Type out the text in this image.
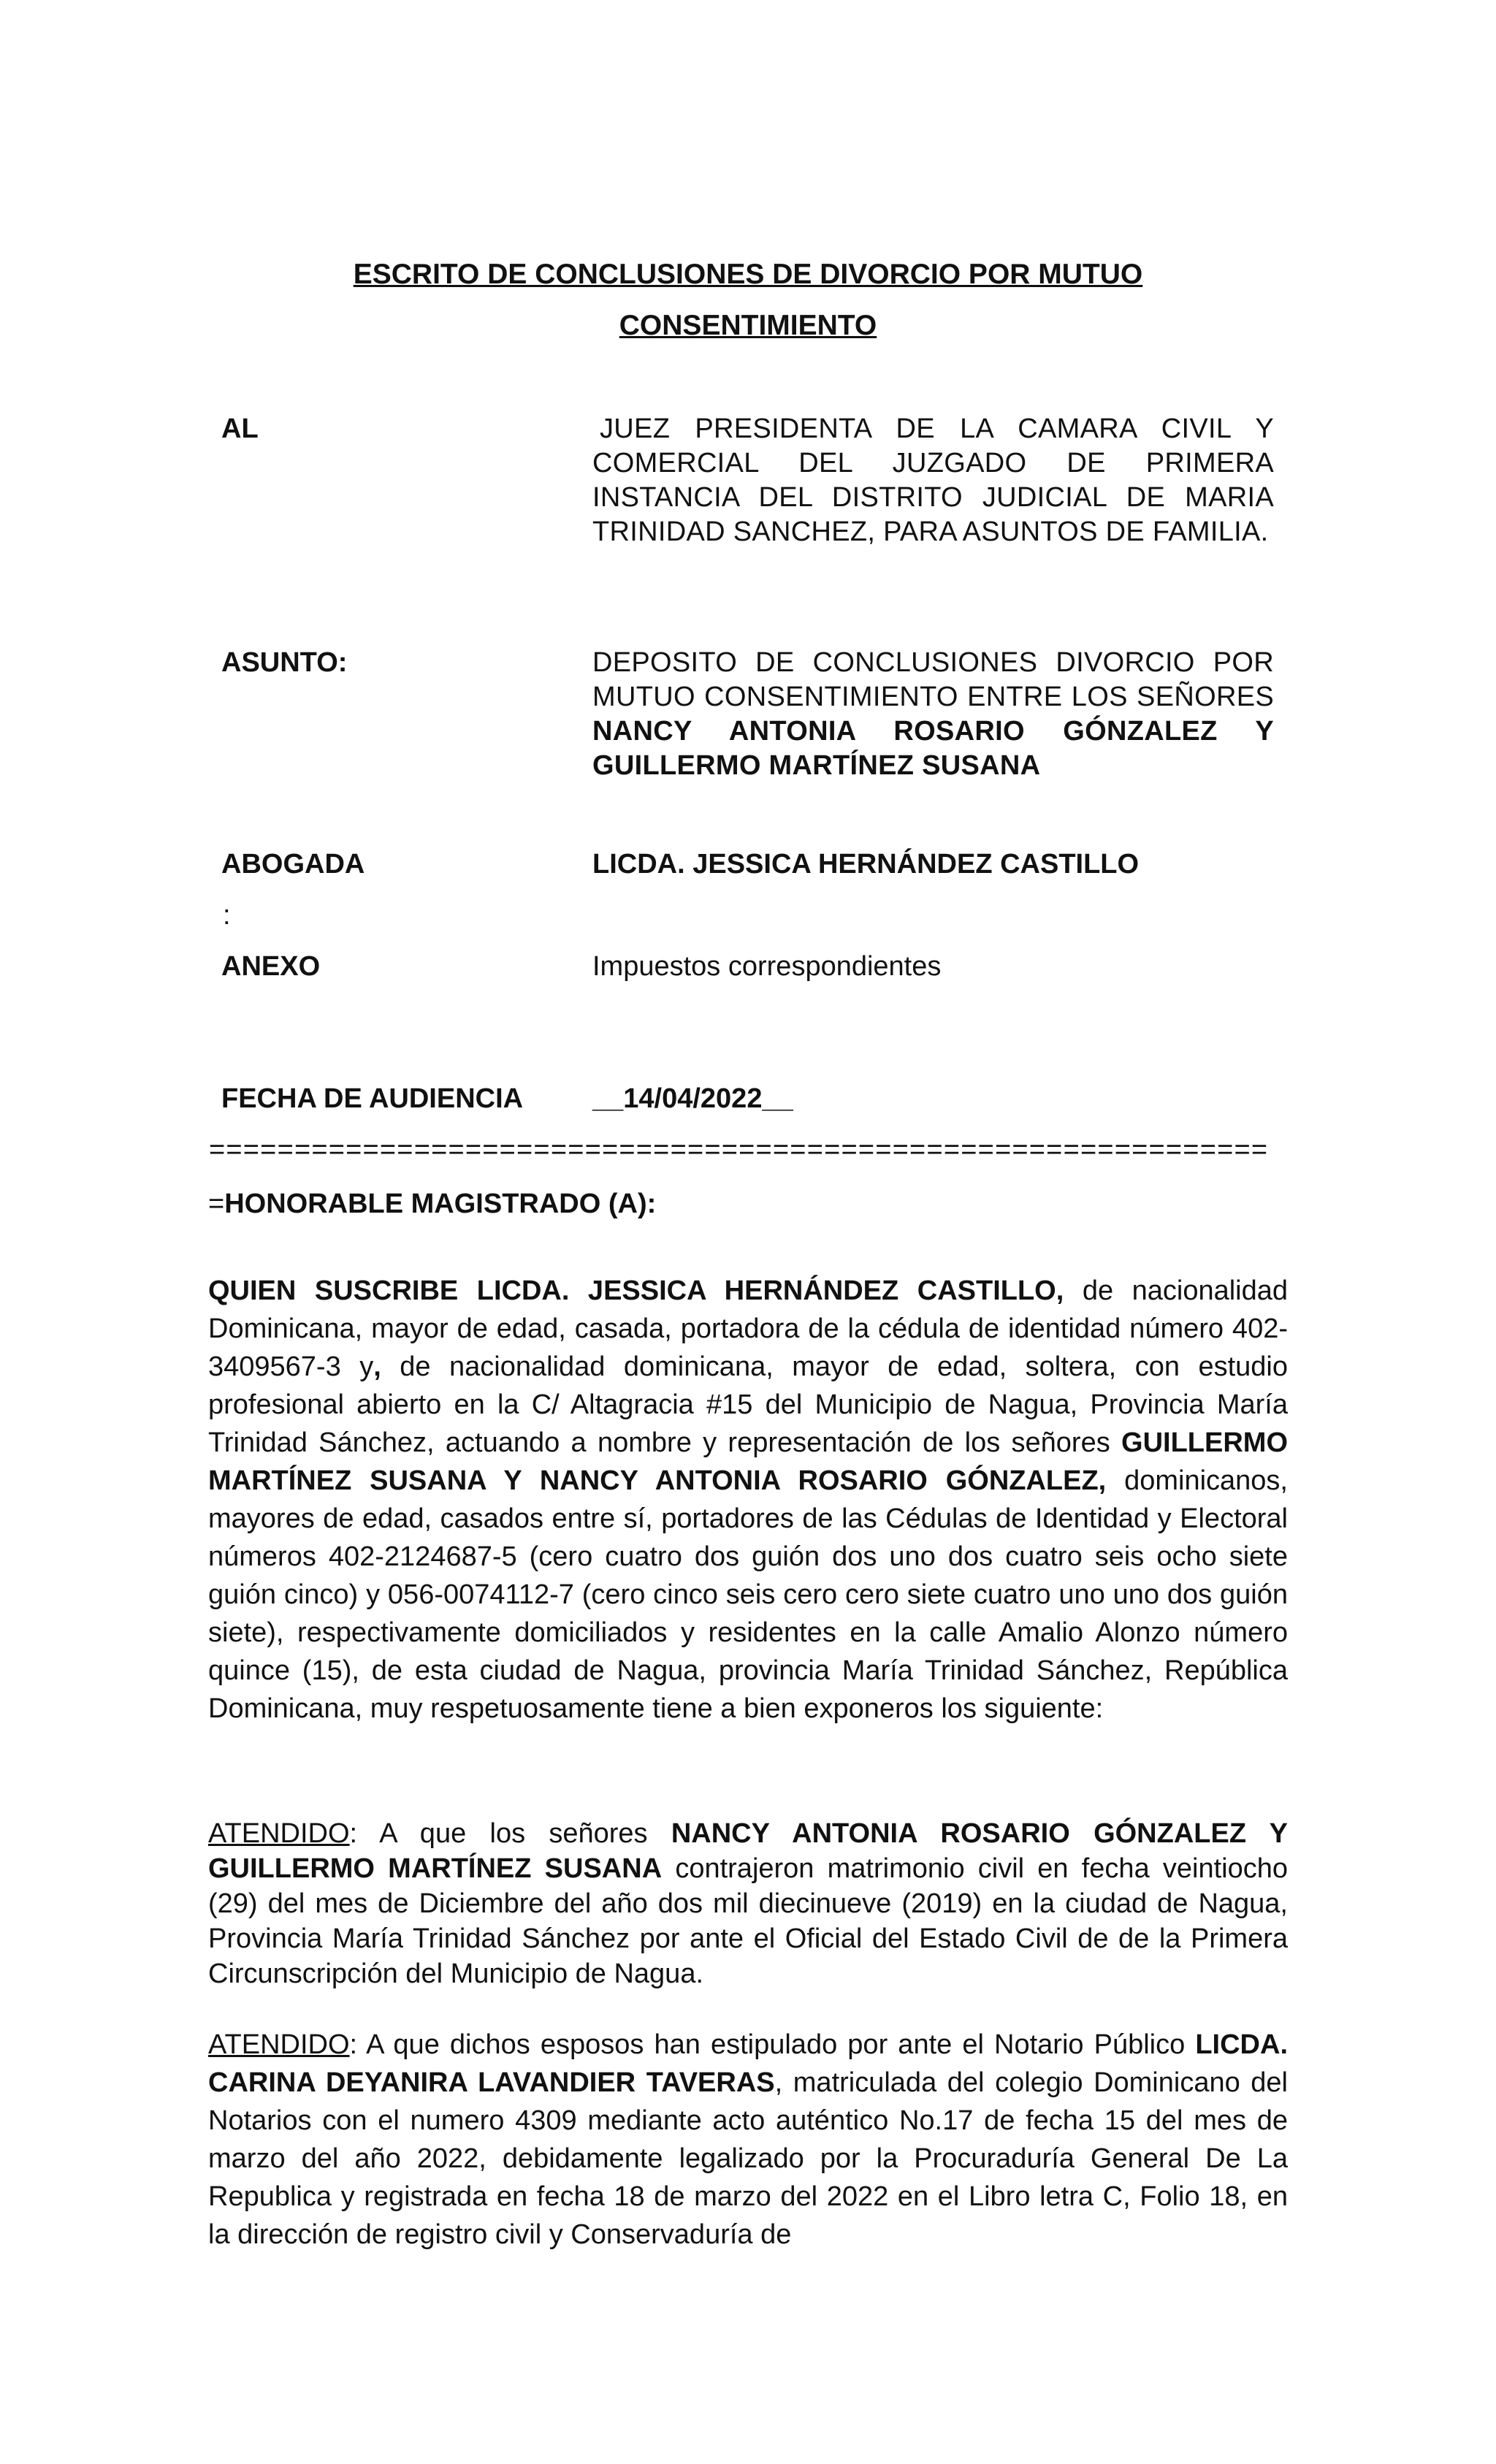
ESCRITO DE CONCLUSIONES DE DIVORCIO POR MUTUO
CONSENTIMIENTO
AL	JUEZ PRESIDENTA DE LA CAMARA CIVIL Y COMERCIAL DEL JUZGADO DE PRIMERA INSTANCIA DEL DISTRITO JUDICIAL DE MARIA TRINIDAD SANCHEZ, PARA ASUNTOS DE FAMILIA.
ASUNTO:	DEPOSITO DE CONCLUSIONES DIVORCIO POR MUTUO CONSENTIMIENTO ENTRE LOS SEÑORES NANCY ANTONIA ROSARIO GÓNZALEZ Y GUILLERMO MARTÍNEZ SUSANA
ABOGADA	LICDA. JESSICA HERNÁNDEZ CASTILLO
:
ANEXO	Impuestos correspondientes
FECHA DE AUDIENCIA __14/04/2022__
==============================================================
=HONORABLE MAGISTRADO (A):
QUIEN SUSCRIBE LICDA. JESSICA HERNÁNDEZ CASTILLO, de nacionalidad Dominicana, mayor de edad, casada, portadora de la cédula de identidad número 402-3409567-3 y, de nacionalidad dominicana, mayor de edad, soltera, con estudio profesional abierto en la C/ Altagracia #15 del Municipio de Nagua, Provincia María Trinidad Sánchez, actuando a nombre y representación de los señores GUILLERMO MARTÍNEZ SUSANA Y NANCY ANTONIA ROSARIO GÓNZALEZ, dominicanos, mayores de edad, casados entre sí, portadores de las Cédulas de Identidad y Electoral números 402-2124687-5 (cero cuatro dos guión dos uno dos cuatro seis ocho siete guión cinco) y 056-0074112-7 (cero cinco seis cero cero siete cuatro uno uno dos guión siete), respectivamente domiciliados y residentes en la calle Amalio Alonzo número quince (15), de esta ciudad de Nagua, provincia María Trinidad Sánchez, República Dominicana, muy respetuosamente tiene a bien exponeros los siguiente:
ATENDIDO: A que los señores NANCY ANTONIA ROSARIO GÓNZALEZ Y GUILLERMO MARTÍNEZ SUSANA contrajeron matrimonio civil en fecha veintiocho (29) del mes de Diciembre del año dos mil diecinueve (2019) en la ciudad de Nagua, Provincia María Trinidad Sánchez por ante el Oficial del Estado Civil de de la Primera Circunscripción del Municipio de Nagua.
ATENDIDO: A que dichos esposos han estipulado por ante el Notario Público LICDA. CARINA DEYANIRA LAVANDIER TAVERAS, matriculada del colegio Dominicano del Notarios con el numero 4309 mediante acto auténtico No.17 de fecha 15 del mes de marzo del año 2022, debidamente legalizado por la Procuraduría General De La Republica y registrada en fecha 18 de marzo del 2022 en el Libro letra C, Folio 18, en la dirección de registro civil y Conservaduría de
